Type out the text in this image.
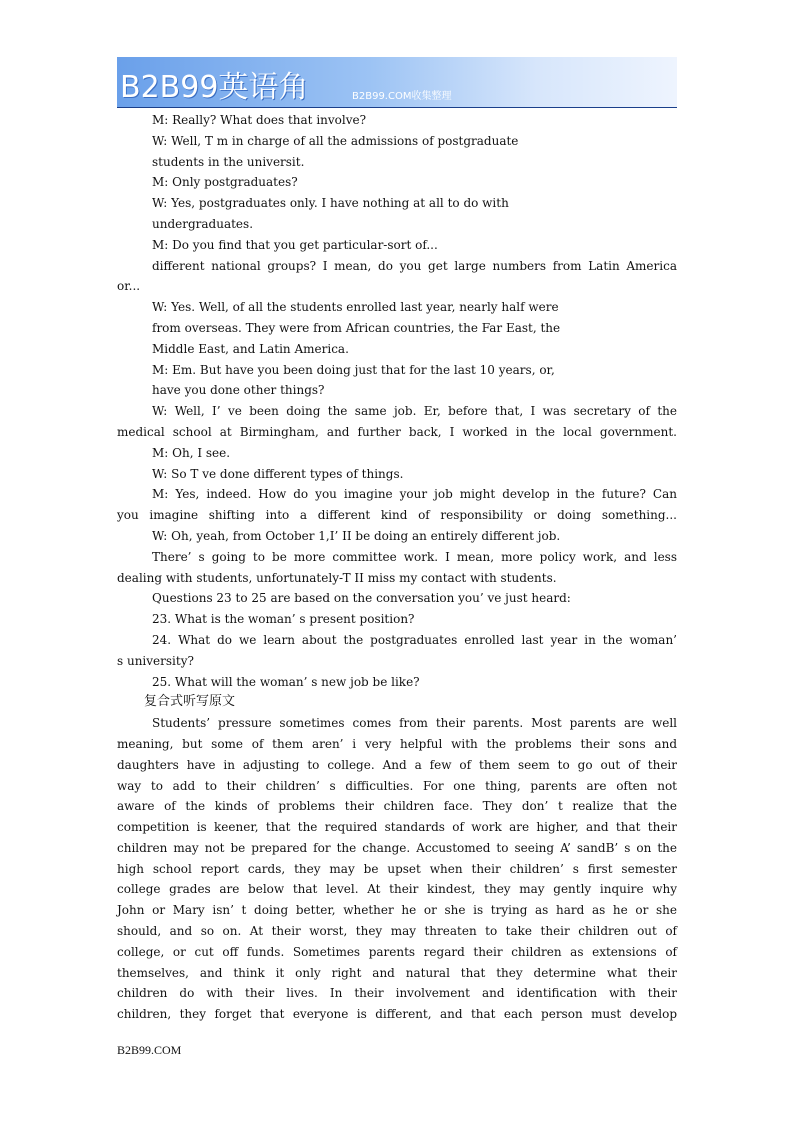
B2B99英语角	B2B99.COM收集整理
M: Really? What does that involve?
W: Well, T m in charge of all the admissions of postgraduate
students in the universit.
M: Only postgraduates?
W: Yes, postgraduates only. I have nothing at all to do with
undergraduates.
M: Do you find that you get particular-sort of...
different national groups? I mean, do you get large numbers from Latin America
or...
W: Yes. Well, of all the students enrolled last year, nearly half were
from overseas. They were from African countries, the Far East, the
Middle East, and Latin America.
M: Em. But have you been doing just that for the last 10 years, or,
have you done other things?
W: Well, I’ ve been doing the same job. Er, before that, I was secretary of the
medical school at Birmingham, and further back, I worked in the local government.
M: Oh, I see.
W: So T ve done different types of things.
M: Yes, indeed. How do you imagine your job might develop in the future? Can
you imagine shifting into a different kind of responsibility or doing something...
W: Oh, yeah, from October 1,I’ II be doing an entirely different job.
There’ s going to be more committee work. I mean, more policy work, and less
dealing with students, unfortunately-T II miss my contact with students.
Questions 23 to 25 are based on the conversation you’ ve just heard:
23. What is the woman’ s present position?
24. What do we learn about the postgraduates enrolled last year in the woman’
s university?
25. What will the woman’ s new job be like?
复合式听写原文
Students’ pressure sometimes comes from their parents. Most parents are well
meaning, but some of them aren’ i very helpful with the problems their sons and
daughters have in adjusting to college. And a few of them seem to go out of their
way to add to their children’ s difficulties. For one thing, parents are often not
aware of the kinds of problems their children face. They don’ t realize that the
competition is keener, that the required standards of work are higher, and that their
children may not be prepared for the change. Accustomed to seeing A’ sandB’ s on the
high school report cards, they may be upset when their children’ s first semester
college grades are below that level. At their kindest, they may gently inquire why
John or Mary isn’ t doing better, whether he or she is trying as hard as he or she
should, and so on. At their worst, they may threaten to take their children out of
college, or cut off funds. Sometimes parents regard their children as extensions of
themselves, and think it only right and natural that they determine what their
children do with their lives. In their involvement and identification with their
children, they forget that everyone is different, and that each person must develop
B2B99.COM
